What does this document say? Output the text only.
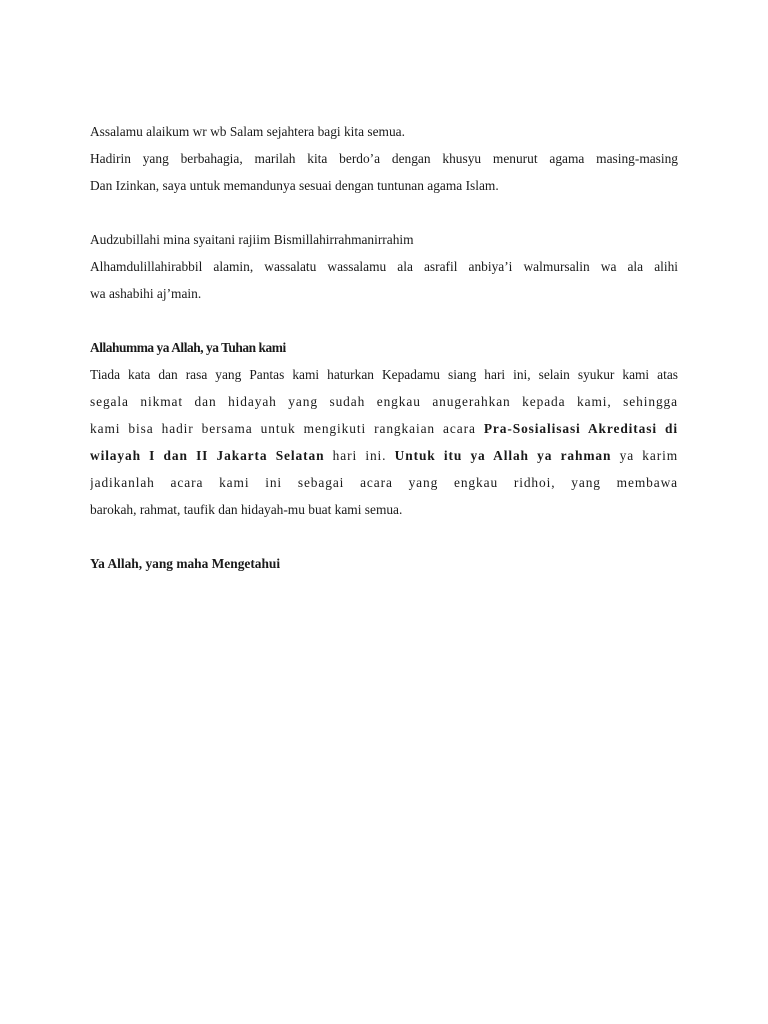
Assalamu alaikum wr wb Salam sejahtera bagi kita semua.
Hadirin yang berbahagia, marilah kita berdo’a dengan khusyu menurut agama masing-masing
Dan Izinkan, saya untuk memandunya sesuai dengan tuntunan agama Islam.
Audzubillahi mina syaitani rajiim Bismillahirrahmanirrahim
Alhamdulillahirabbil alamin, wassalatu wassalamu ala asrafil anbiya’i walmursalin wa ala alihi
wa ashabihi aj’main.
Allahumma ya Allah, ya Tuhan kami
Tiada kata dan rasa yang Pantas kami haturkan Kepadamu siang hari ini, selain syukur kami atas
segala nikmat dan hidayah yang sudah engkau anugerahkan kepada kami, sehingga
kami bisa hadir bersama untuk mengikuti rangkaian acara Pra-Sosialisasi Akreditasi di
wilayah I dan II Jakarta Selatan hari ini. Untuk itu ya Allah ya rahman ya karim
jadikanlah acara kami ini sebagai acara yang engkau ridhoi, yang membawa
barokah, rahmat, taufik dan hidayah-mu buat kami semua.
Ya Allah, yang maha Mengetahui
